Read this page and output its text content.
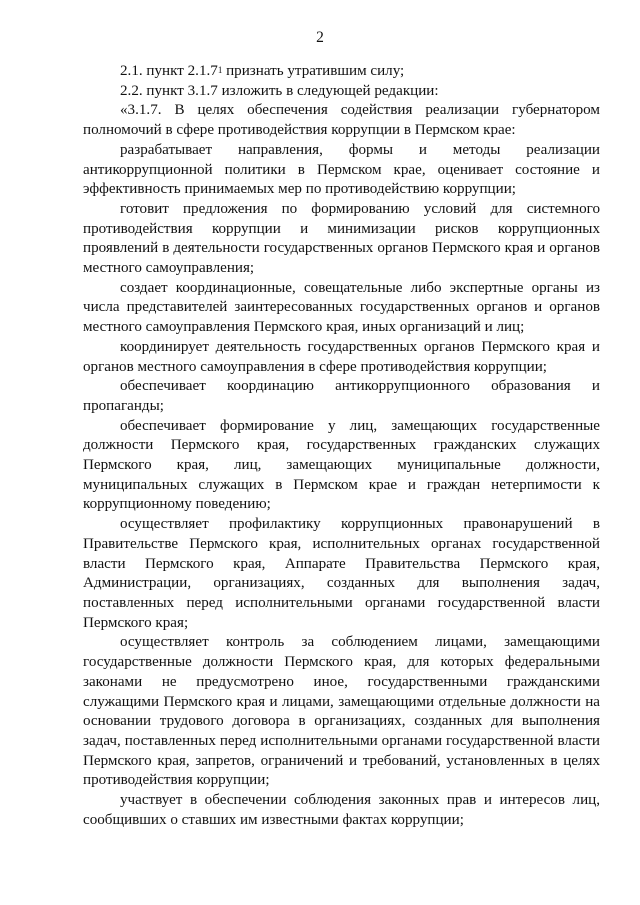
2

2.1. пункт 2.1.7$^1$ признать утратившим силу;

2.2. пункт 3.1.7 изложить в следующей редакции:

«3.1.7. В целях обеспечения содействия реализации губернатором полномочий в сфере противодействия коррупции в Пермском крае:

разрабатывает направления, формы и методы реализации антикоррупционной политики в Пермском крае, оценивает состояние и эффективность принимаемых мер по противодействию коррупции;

готовит предложения по формированию условий для системного противодействия коррупции и минимизации рисков коррупционных проявлений в деятельности государственных органов Пермского края и органов местного самоуправления;

создает координационные, совещательные либо экспертные органы из числа представителей заинтересованных государственных органов и органов местного самоуправления Пермского края, иных организаций и лиц;

координирует деятельность государственных органов Пермского края и органов местного самоуправления в сфере противодействия коррупции;

обеспечивает координацию антикоррупционного образования и пропаганды;

обеспечивает формирование у лиц, замещающих государственные должности Пермского края, государственных гражданских служащих Пермского края, лиц, замещающих муниципальные должности, муниципальных служащих в Пермском крае и граждан нетерпимости к коррупционному поведению;

осуществляет профилактику коррупционных правонарушений в Правительстве Пермского края, исполнительных органах государственной власти Пермского края, Аппарате Правительства Пермского края, Администрации, организациях, созданных для выполнения задач, поставленных перед исполнительными органами государственной власти Пермского края;

осуществляет контроль за соблюдением лицами, замещающими государственные должности Пермского края, для которых федеральными законами не предусмотрено иное, государственными гражданскими служащими Пермского края и лицами, замещающими отдельные должности на основании трудового договора в организациях, созданных для выполнения задач, поставленных перед исполнительными органами государственной власти Пермского края, запретов, ограничений и требований, установленных в целях противодействия коррупции;

участвует в обеспечении соблюдения законных прав и интересов лиц, сообщивших о ставших им известными фактах коррупции;
